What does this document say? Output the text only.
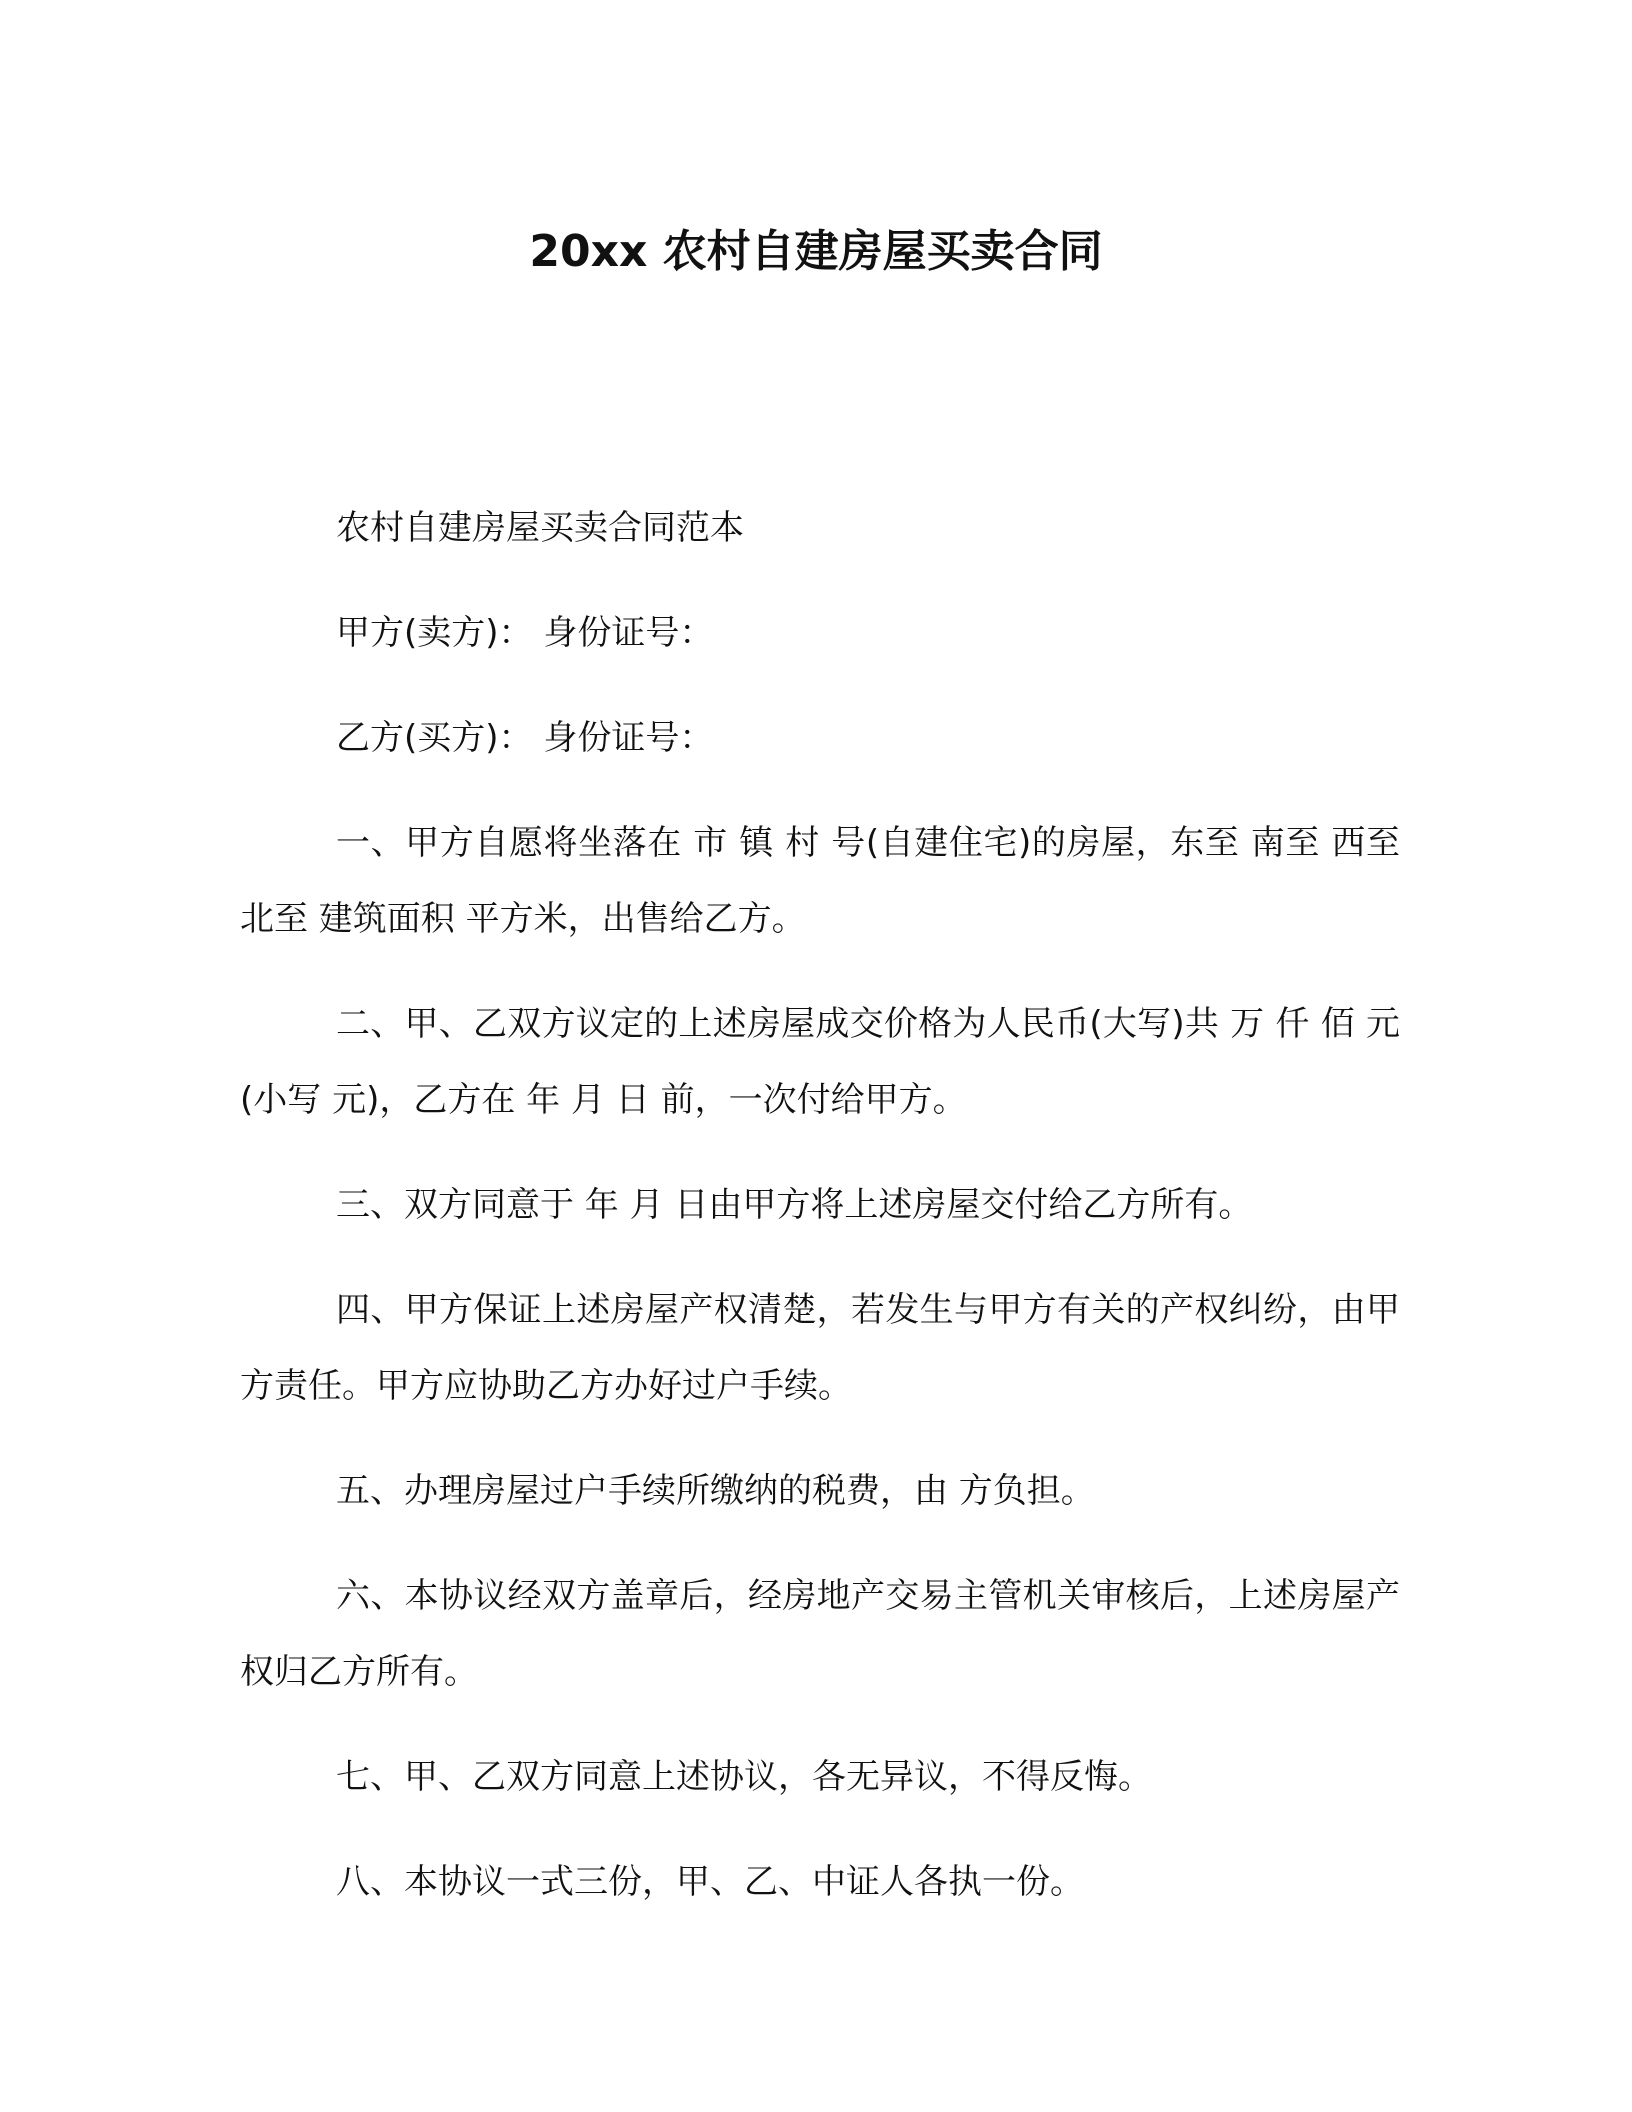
20xx 农村自建房屋买卖合同

农村自建房屋买卖合同范本

甲方(卖方)： 身份证号：

乙方(买方)： 身份证号：

一、甲方自愿将坐落在 市 镇 村 号(自建住宅)的房屋，东至 南至 西至 北至 建筑面积 平方米，出售给乙方。

二、甲、乙双方议定的上述房屋成交价格为人民币(大写)共 万 仟 佰 元(小写 元)，乙方在 年 月 日 前，一次付给甲方。

三、双方同意于 年 月 日由甲方将上述房屋交付给乙方所有。

四、甲方保证上述房屋产权清楚，若发生与甲方有关的产权纠纷，由甲方责任。甲方应协助乙方办好过户手续。

五、办理房屋过户手续所缴纳的税费，由 方负担。

六、本协议经双方盖章后，经房地产交易主管机关审核后，上述房屋产权归乙方所有。

七、甲、乙双方同意上述协议，各无异议，不得反悔。

八、本协议一式三份，甲、乙、中证人各执一份。
